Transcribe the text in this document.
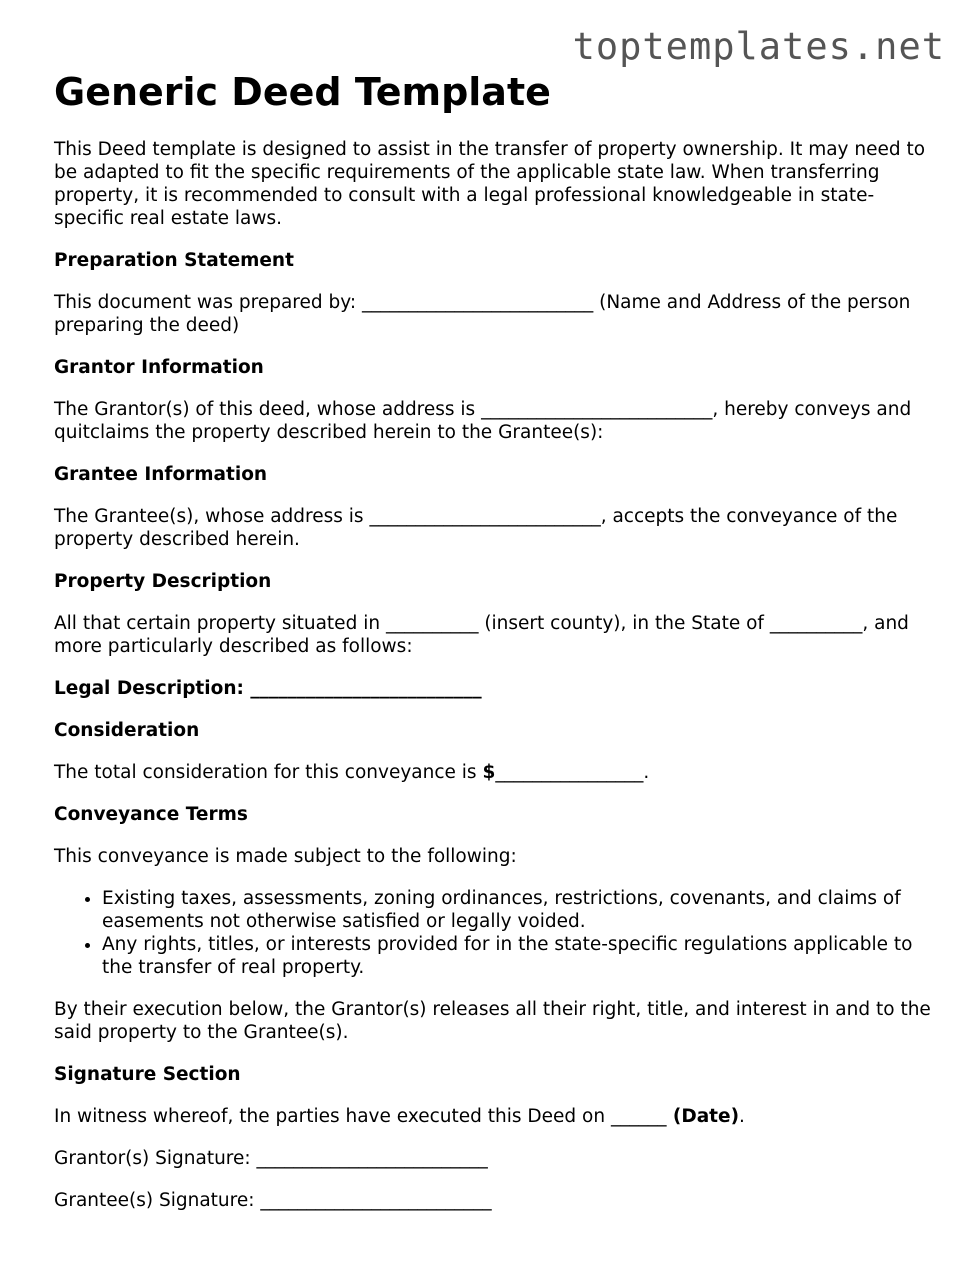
toptemplates.net
Generic Deed Template

This Deed template is designed to assist in the transfer of property ownership. It may need to be adapted to fit the specific requirements of the applicable state law. When transferring property, it is recommended to consult with a legal professional knowledgeable in state-specific real estate laws.

Preparation Statement

This document was prepared by: _________________________ (Name and Address of the person preparing the deed)

Grantor Information

The Grantor(s) of this deed, whose address is _________________________, hereby conveys and quitclaims the property described herein to the Grantee(s):

Grantee Information

The Grantee(s), whose address is _________________________, accepts the conveyance of the property described herein.

Property Description

All that certain property situated in __________ (insert county), in the State of __________, and more particularly described as follows:

Legal Description: _________________________

Consideration

The total consideration for this conveyance is $________________.

Conveyance Terms

This conveyance is made subject to the following:

• Existing taxes, assessments, zoning ordinances, restrictions, covenants, and claims of easements not otherwise satisfied or legally voided.
• Any rights, titles, or interests provided for in the state-specific regulations applicable to the transfer of real property.

By their execution below, the Grantor(s) releases all their right, title, and interest in and to the said property to the Grantee(s).

Signature Section

In witness whereof, the parties have executed this Deed on ______ (Date).

Grantor(s) Signature: _________________________

Grantee(s) Signature: _________________________
